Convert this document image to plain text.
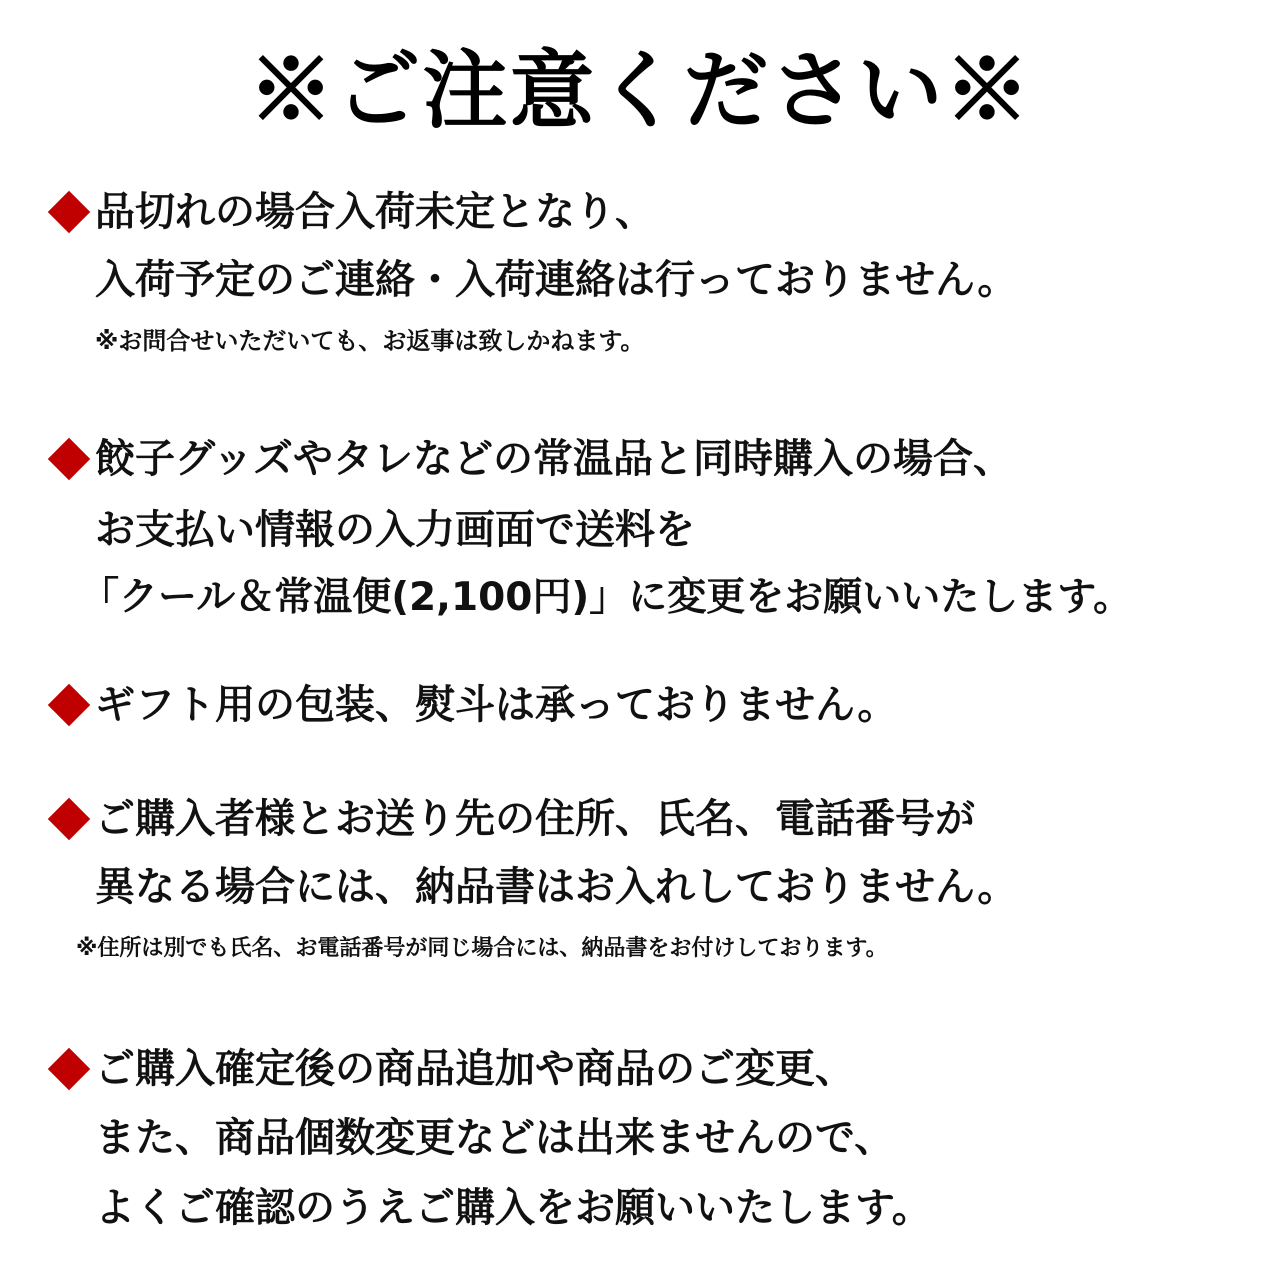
※ご注意ください※
品切れの場合入荷未定となり、
入荷予定のご連絡・入荷連絡は行っておりません。
※お問合せいただいても、お返事は致しかねます。
餃子グッズやタレなどの常温品と同時購入の場合、
お支払い情報の入力画面で送料を
「クール＆常温便(2,100円)」に変更をお願いいたします。
ギフト用の包装、熨斗は承っておりません。
ご購入者様とお送り先の住所、氏名、電話番号が
異なる場合には、納品書はお入れしておりません。
※住所は別でも氏名、お電話番号が同じ場合には、納品書をお付けしております。
ご購入確定後の商品追加や商品のご変更、
また、商品個数変更などは出来ませんので、
よくご確認のうえご購入をお願いいたします。
